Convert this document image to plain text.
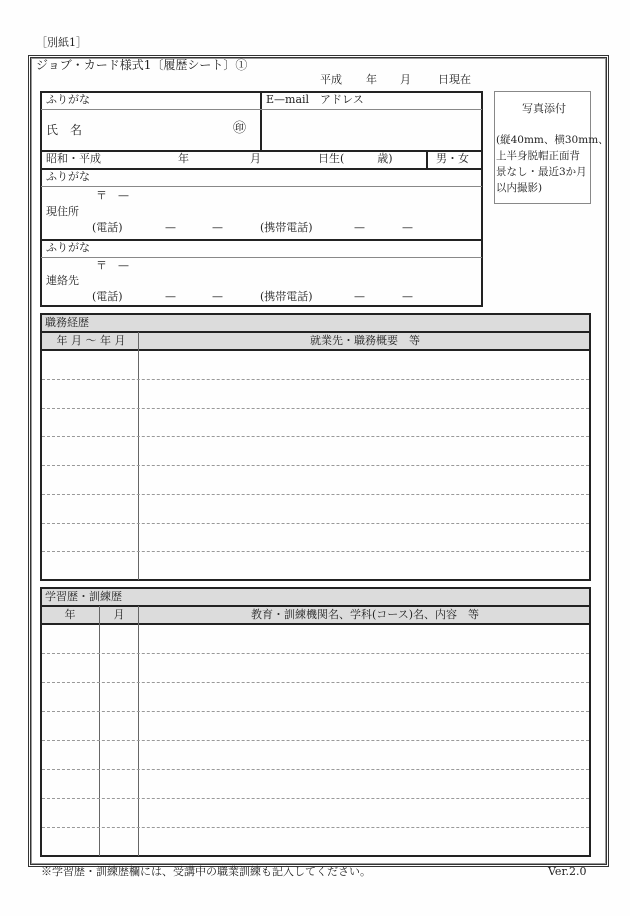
［別紙1］
ジョブ・カード様式1〔履歴シート〕①
平成 年 月 日現在
ふりがな
氏　名	㊞
E—mail　アドレス
昭和・平成	年	月	日生(　　　歳)	男・女
ふりがな
〒　—
現住所
(電話)	—	—	(携帯電話)	—	—
ふりがな
〒　—
連絡先
(電話)	—	—	(携帯電話)	—	—
写真添付
(縦40mm、横30mm、
上半身脱帽正面背
景なし・最近3か月
以内撮影)
職務経歴
年 月 ～ 年 月	就業先・職務概要　等
学習歴・訓練歴
年	月	教育・訓練機関名、学科(コース)名、内容　等
※学習歴・訓練歴欄には、受講中の職業訓練も記入してください。	Ver.2.0
